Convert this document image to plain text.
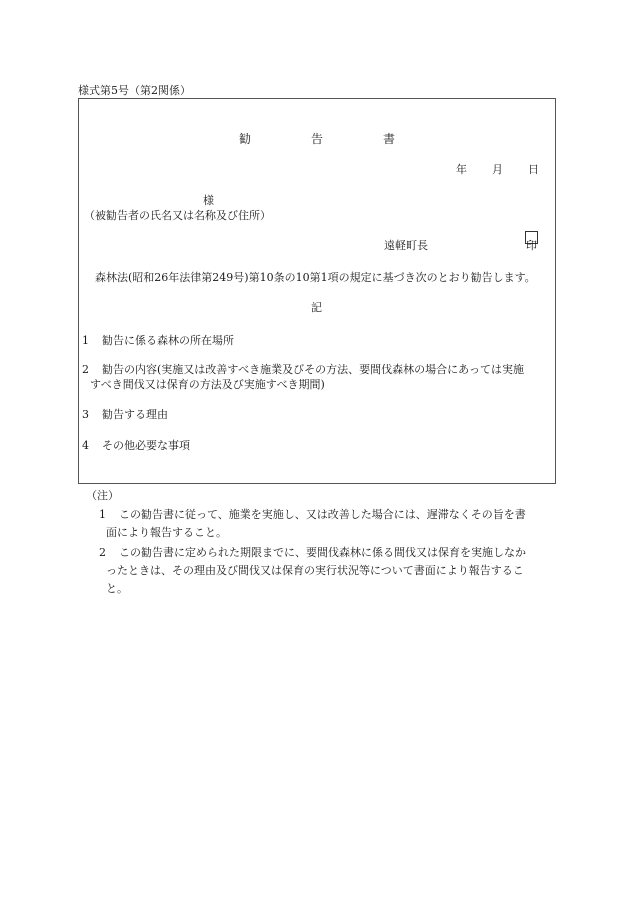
様式第5号（第2関係）
勧	告	書
年 月 日
様
（被勧告者の氏名又は名称及び住所）
遠軽町長	印
森林法(昭和26年法律第249号)第10条の10第1項の規定に基づき次のとおり勧告します。
記
1 勧告に係る森林の所在場所
2 勧告の内容(実施又は改善すべき施業及びその方法、要間伐森林の場合にあっては実施
すべき間伐又は保育の方法及び実施すべき期間)
3 勧告する理由
4 その他必要な事項
（注）
1 この勧告書に従って、施業を実施し、又は改善した場合には、遅滞なくその旨を書
面により報告すること。
2 この勧告書に定められた期限までに、要間伐森林に係る間伐又は保育を実施しなか
ったときは、その理由及び間伐又は保育の実行状況等について書面により報告するこ
と。
